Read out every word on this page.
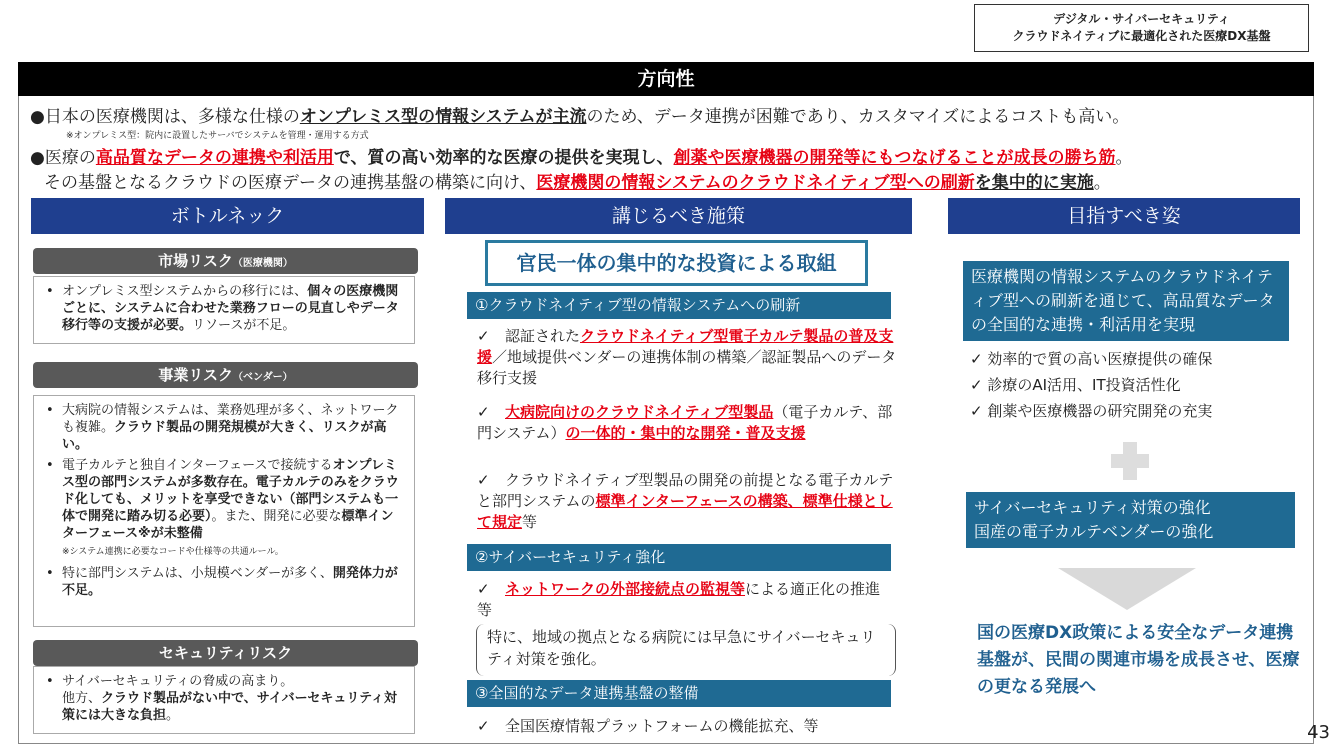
デジタル・サイバーセキュリティ
クラウドネイティブに最適化された医療DX基盤
方向性
●日本の医療機関は、多様な仕様のオンプレミス型の情報システムが主流のため、データ連携が困難であり、カスタマイズによるコストも高い。
※オンプレミス型：院内に設置したサーバでシステムを管理・運用する方式
●医療の高品質なデータの連携や利活用で、質の高い効率的な医療の提供を実現し、創薬や医療機器の開発等にもつなげることが成長の勝ち筋。
その基盤となるクラウドの医療データの連携基盤の構築に向け、医療機関の情報システムのクラウドネイティブ型への刷新を集中的に実施。
ボトルネック	講じるべき施策	目指すべき姿
市場リスク（医療機関）
• オンプレミス型システムからの移行には、個々の医療機関ごとに、システムに合わせた業務フローの見直しやデータ移行等の支援が必要。リソースが不足。
事業リスク（ベンダー）
• 大病院の情報システムは、業務処理が多く、ネットワークも複雑。クラウド製品の開発規模が大きく、リスクが高い。
• 電子カルテと独自インターフェースで接続するオンプレミス型の部門システムが多数存在。電子カルテのみをクラウド化しても、メリットを享受できない（部門システムも一体で開発に踏み切る必要）。また、開発に必要な標準インターフェース※が未整備
※システム連携に必要なコードや仕様等の共通ルール。
• 特に部門システムは、小規模ベンダーが多く、開発体力が不足。
セキュリティリスク
• サイバーセキュリティの脅威の高まり。
他方、クラウド製品がない中で、サイバーセキュリティ対策には大きな負担。
官民一体の集中的な投資による取組
①クラウドネイティブ型の情報システムへの刷新
✓ 認証されたクラウドネイティブ型電子カルテ製品の普及支援／地域提供ベンダーの連携体制の構築／認証製品へのデータ移行支援
✓ 大病院向けのクラウドネイティブ型製品（電子カルテ、部門システム）の一体的・集中的な開発・普及支援
✓ クラウドネイティブ型製品の開発の前提となる電子カルテと部門システムの標準インターフェースの構築、標準仕様として規定等
②サイバーセキュリティ強化
✓ ネットワークの外部接続点の監視等による適正化の推進　等
特に、地域の拠点となる病院には早急にサイバーセキュリティ対策を強化。
③全国的なデータ連携基盤の整備
✓ 全国医療情報プラットフォームの機能拡充、等
医療機関の情報システムのクラウドネイティブ型への刷新を通じて、高品質なデータの全国的な連携・利活用を実現
✓ 効率的で質の高い医療提供の確保
✓ 診療のAI活用、IT投資活性化
✓ 創薬や医療機器の研究開発の充実
サイバーセキュリティ対策の強化
国産の電子カルテベンダーの強化
国の医療DX政策による安全なデータ連携基盤が、民間の関連市場を成長させ、医療の更なる発展へ
43
